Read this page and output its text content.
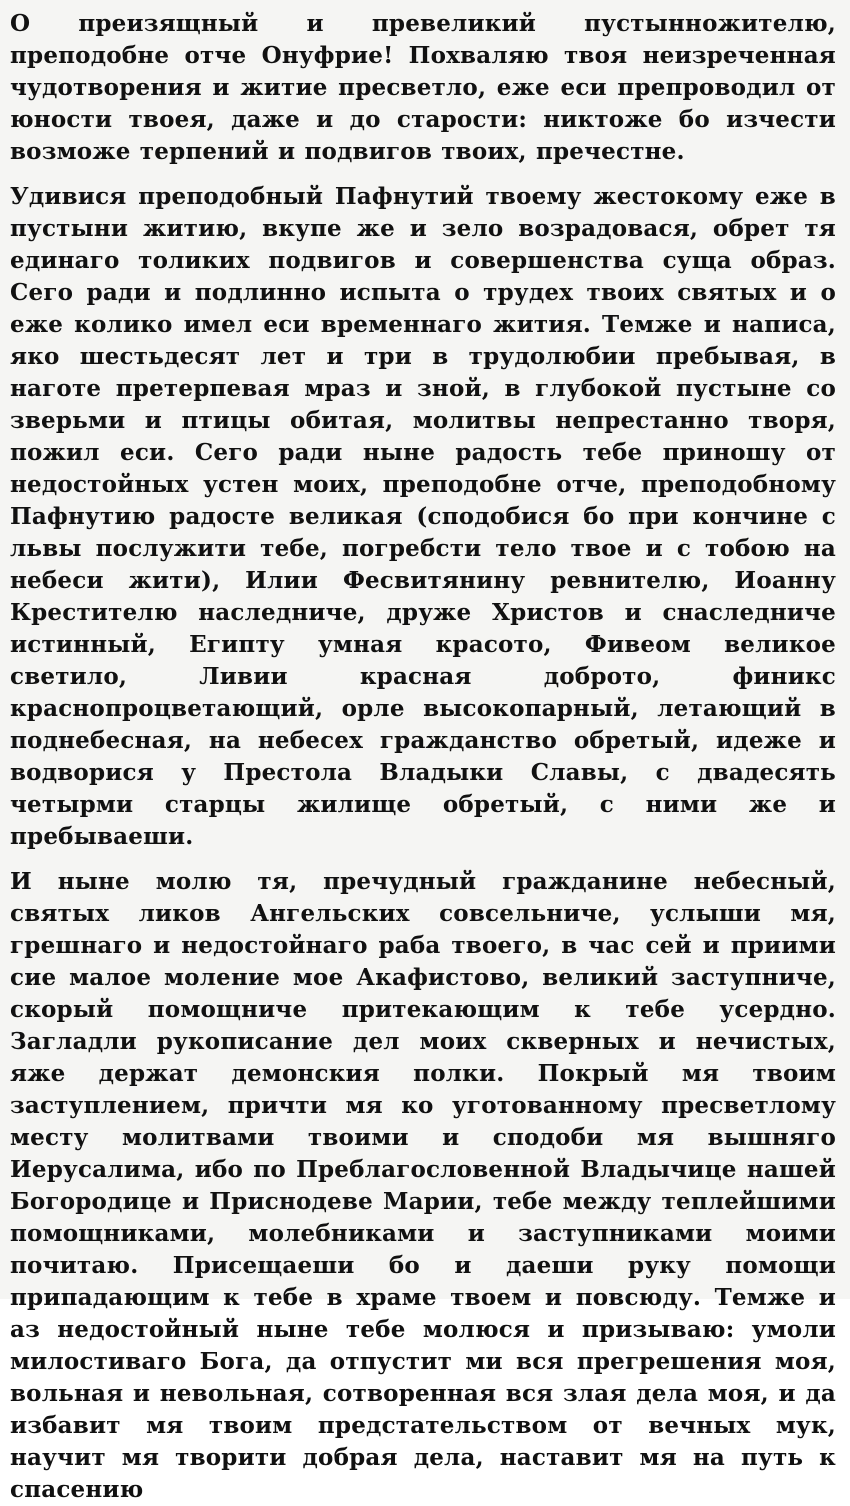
О преизящный и превеликий пустынножителю, преподобне отче Онуфрие! Похваляю твоя неизреченная чудотворения и житие пресветло, еже еси препроводил от юности твоея, даже и до старости: никтоже бо изчести возможе терпений и подвигов твоих, пречестне.

Удивися преподобный Пафнутий твоему жестокому еже в пустыни житию, вкупе же и зело возрадовася, обрет тя единаго толиких подвигов и совершенства суща образ. Сего ради и подлинно испыта о трудех твоих святых и о еже колико имел еси временнаго жития. Темже и написа, яко шестьдесят лет и три в трудолюбии пребывая, в наготе претерпевая мраз и зной, в глубокой пустыне со зверьми и птицы обитая, молитвы непрестанно творя, пожил еси. Сего ради ныне радость тебе приношу от недостойных устен моих, преподобне отче, преподобному Пафнутию радосте великая (сподобися бо при кончине с львы послужити тебе, погребсти тело твое и с тобою на небеси жити), Илии Фесвитянину ревнителю, Иоанну Крестителю наследниче, друже Христов и снаследниче истинный, Египту умная красото, Фивеом великое светило, Ливии красная доброто, финикс краснопроцветающий, орле высокопарный, летающий в поднебесная, на небесех гражданство обретый, идеже и водворися у Престола Владыки Славы, с двадесять четырми старцы жилище обретый, с ними же и пребываеши.

И ныне молю тя, пречудный гражданине небесный, святых ликов Ангельских совсельниче, услыши мя, грешнаго и недостойнаго раба твоего, в час сей и приими сие малое моление мое Акафистово, великий заступниче, скорый помощниче притекающим к тебе усердно. Загладли рукописание дел моих скверных и нечистых, яже держат демонския полки. Покрый мя твоим заступлением, причти мя ко уготованному пресветлому месту молитвами твоими и сподоби мя вышняго Иерусалима, ибо по Преблагословенной Владычице нашей Богородице и Приснодеве Марии, тебе между теплейшими помощниками, молебниками и заступниками моими почитаю. Присещаеши бо и даеши руку помощи припадающим к тебе в храме твоем и повсюду. Темже и аз недостойный ныне тебе молюся и призываю: умоли милостиваго Бога, да отпустит ми вся прегрешения моя, вольная и невольная, сотворенная вся злая дела моя, и да избавит мя твоим предстательством от вечных мук, научит мя творити добрая дела, наставит мя на путь к спасению
